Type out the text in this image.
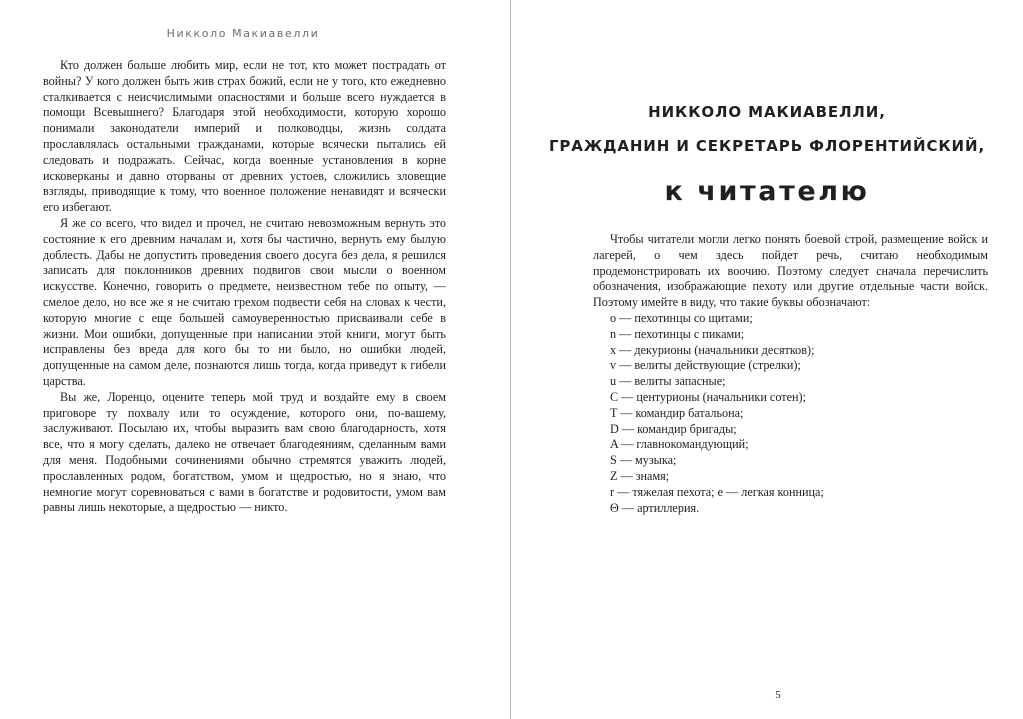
Никколо Макиавелли

Кто должен больше любить мир, если не тот, кто может пострадать от войны? У кого должен быть жив страх божий, если не у того, кто ежедневно сталкивается с неисчислимыми опасностями и больше всего нуждается в помощи Всевышнего? Благодаря этой необходимости, которую хорошо понимали законодатели империй и полководцы, жизнь солдата прославлялась остальными гражданами, которые всячески пытались ей следовать и подражать. Сейчас, когда военные установления в корне исковерканы и давно оторваны от древних устоев, сложились зловещие взгляды, приводящие к тому, что военное положение ненавидят и всячески его избегают.

Я же со всего, что видел и прочел, не считаю невозможным вернуть это состояние к его древним началам и, хотя бы частично, вернуть ему былую доблесть. Дабы не допустить проведения своего досуга без дела, я решился записать для поклонников древних подвигов свои мысли о военном искусстве. Конечно, говорить о предмете, неизвестном тебе по опыту, — смелое дело, но все же я не считаю грехом подвести себя на словах к чести, которую многие с еще большей самоуверенностью присваивали себе в жизни. Мои ошибки, допущенные при написании этой книги, могут быть исправлены без вреда для кого бы то ни было, но ошибки людей, допущенные на самом деле, познаются лишь тогда, когда приведут к гибели царства.

Вы же, Лоренцо, оцените теперь мой труд и воздайте ему в своем приговоре ту похвалу или то осуждение, которого они, по-вашему, заслуживают. Посылаю их, чтобы выразить вам свою благодарность, хотя все, что я могу сделать, далеко не отвечает благодеяниям, сделанным вами для меня. Подобными сочинениями обычно стремятся уважить людей, прославленных родом, богатством, умом и щедростью, но я знаю, что немногие могут соревноваться с вами в богатстве и родовитости, умом вам равны лишь некоторые, а щедростью — никто.

НИККОЛО МАКИАВЕЛЛИ,
ГРАЖДАНИН И СЕКРЕТАРЬ ФЛОРЕНТИЙСКИЙ,
к читателю

Чтобы читатели могли легко понять боевой строй, размещение войск и лагерей, о чем здесь пойдет речь, считаю необходимым продемонстрировать их воочию. Поэтому следует сначала перечислить обозначения, изображающие пехоту или другие отдельные части войск. Поэтому имейте в виду, что такие буквы обозначают:

o — пехотинцы со щитами;
n — пехотинцы с пиками;
x — декурионы (начальники десятков);
v — велиты действующие (стрелки);
u — велиты запасные;
C — центурионы (начальники сотен);
T — командир батальона;
D — командир бригады;
A — главнокомандующий;
S — музыка;
Z — знамя;
r — тяжелая пехота; e — легкая конница;
Θ — артиллерия.
5
